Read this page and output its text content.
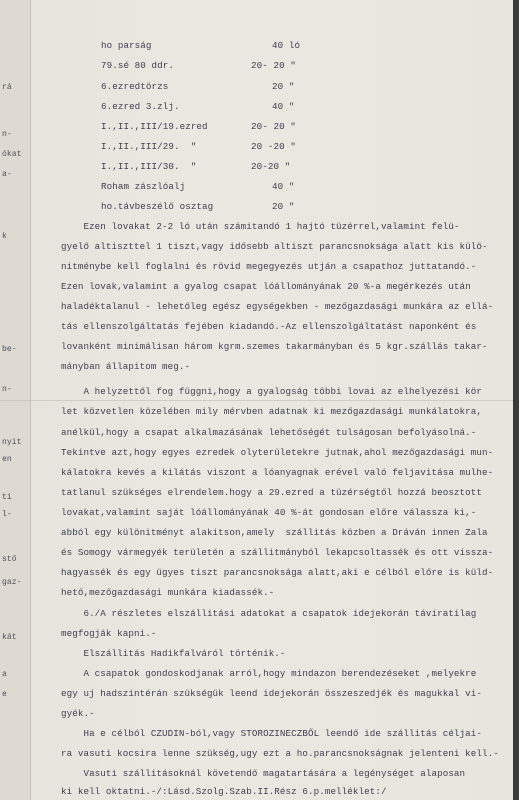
rá
n-
ókat
a-
k
be-
n-
nyit
en
ti
l-
stő
gaz-
kát
a
e
ho parság	40 ló
79.sé 80 ddr.	20- 20 "
6.ezredtörzs	20 "
6.ezred 3.zlj.	40 "
I.,II.,III/19.ezred	20- 20 "
I.,II.,III/29.  "	20 -20 "
I.,II.,III/30.  "	20-20 "
Roham zászlóalj	40 "
ho.távbeszélő osztag	20 "
Ezen lovakat 2-2 ló után számitandó 1 hajtó tüzérrel,valamint felü-
gyelő altiszttel 1 tiszt,vagy idősebb altiszt parancsnoksága alatt kis külö-
nitménybe kell foglalni és rövid megegyezés utján a csapathoz juttatandó.-
Ezen lovak,valamint a gyalog csapat lóállományának 20 %-a megérkezés után
haladéktalanul - lehetőleg egész egységekben - mezőgazdasági munkára az ellá-
tás ellenszolgáltatás fejében kiadandó.-Az ellenszolgáltatást naponként és
lovanként minimálisan három kgrm.szemes takarmányban és 5 kgr.szállás takar-
mányban állapitom meg.-
A helyzettől fog függni,hogy a gyalogság többi lovai az elhelyezési kör
let közvetlen közelében mily mérvben adatnak ki mezőgazdasági munkálatokra,
anélkül,hogy a csapat alkalmazásának lehetőségét tulságosan befolyásolná.-
Tekintve azt,hogy egyes ezredek olyterületekre jutnak,ahol mezőgazdasági mun-
kálatokra kevés a kilátás viszont a lóanyagnak erével való feljavitása mulhe-
tatlanul szükséges elrendelem.hogy a 29.ezred a tüzérségtől hozzá beosztott
lovakat,valamint saját lóállományának 40 %-át gondosan előre válassza ki,-
abból egy különitményt alakitson,amely  szállitás közben a Dráván innen Zala
és Somogy vármegyék területén a szállitmányból lekapcsoltassék és ott vissza-
hagyassék és egy ügyes tiszt parancsnoksága alatt,aki e célból előre is küld-
hető,mezőgazdasági munkára kiadassék.-
6./A részletes elszállitási adatokat a csapatok idejekorán távíratilag
megfogják kapni.-
Elszállitás Hadikfalváról történik.-
A csapatok gondoskodjanak arról,hogy mindazon berendezéseket ,melyekre
egy uj hadszintérán szükségük leend idejekorán összeszedjék és magukkal vi-
gyék.-
Ha e célból CZUDIN-ból,vagy STOROZINECZBŐL leendő ide szállitás céljai-
ra vasuti kocsira lenne szükség,ugy ezt a ho.parancsnokságnak jelenteni kell.-
Vasuti szállitásoknál követendő magatartására a legénységet alaposan
ki kell oktatni.-/:Lásd.Szolg.Szab.II.Rész 6.p.melléklet:/
